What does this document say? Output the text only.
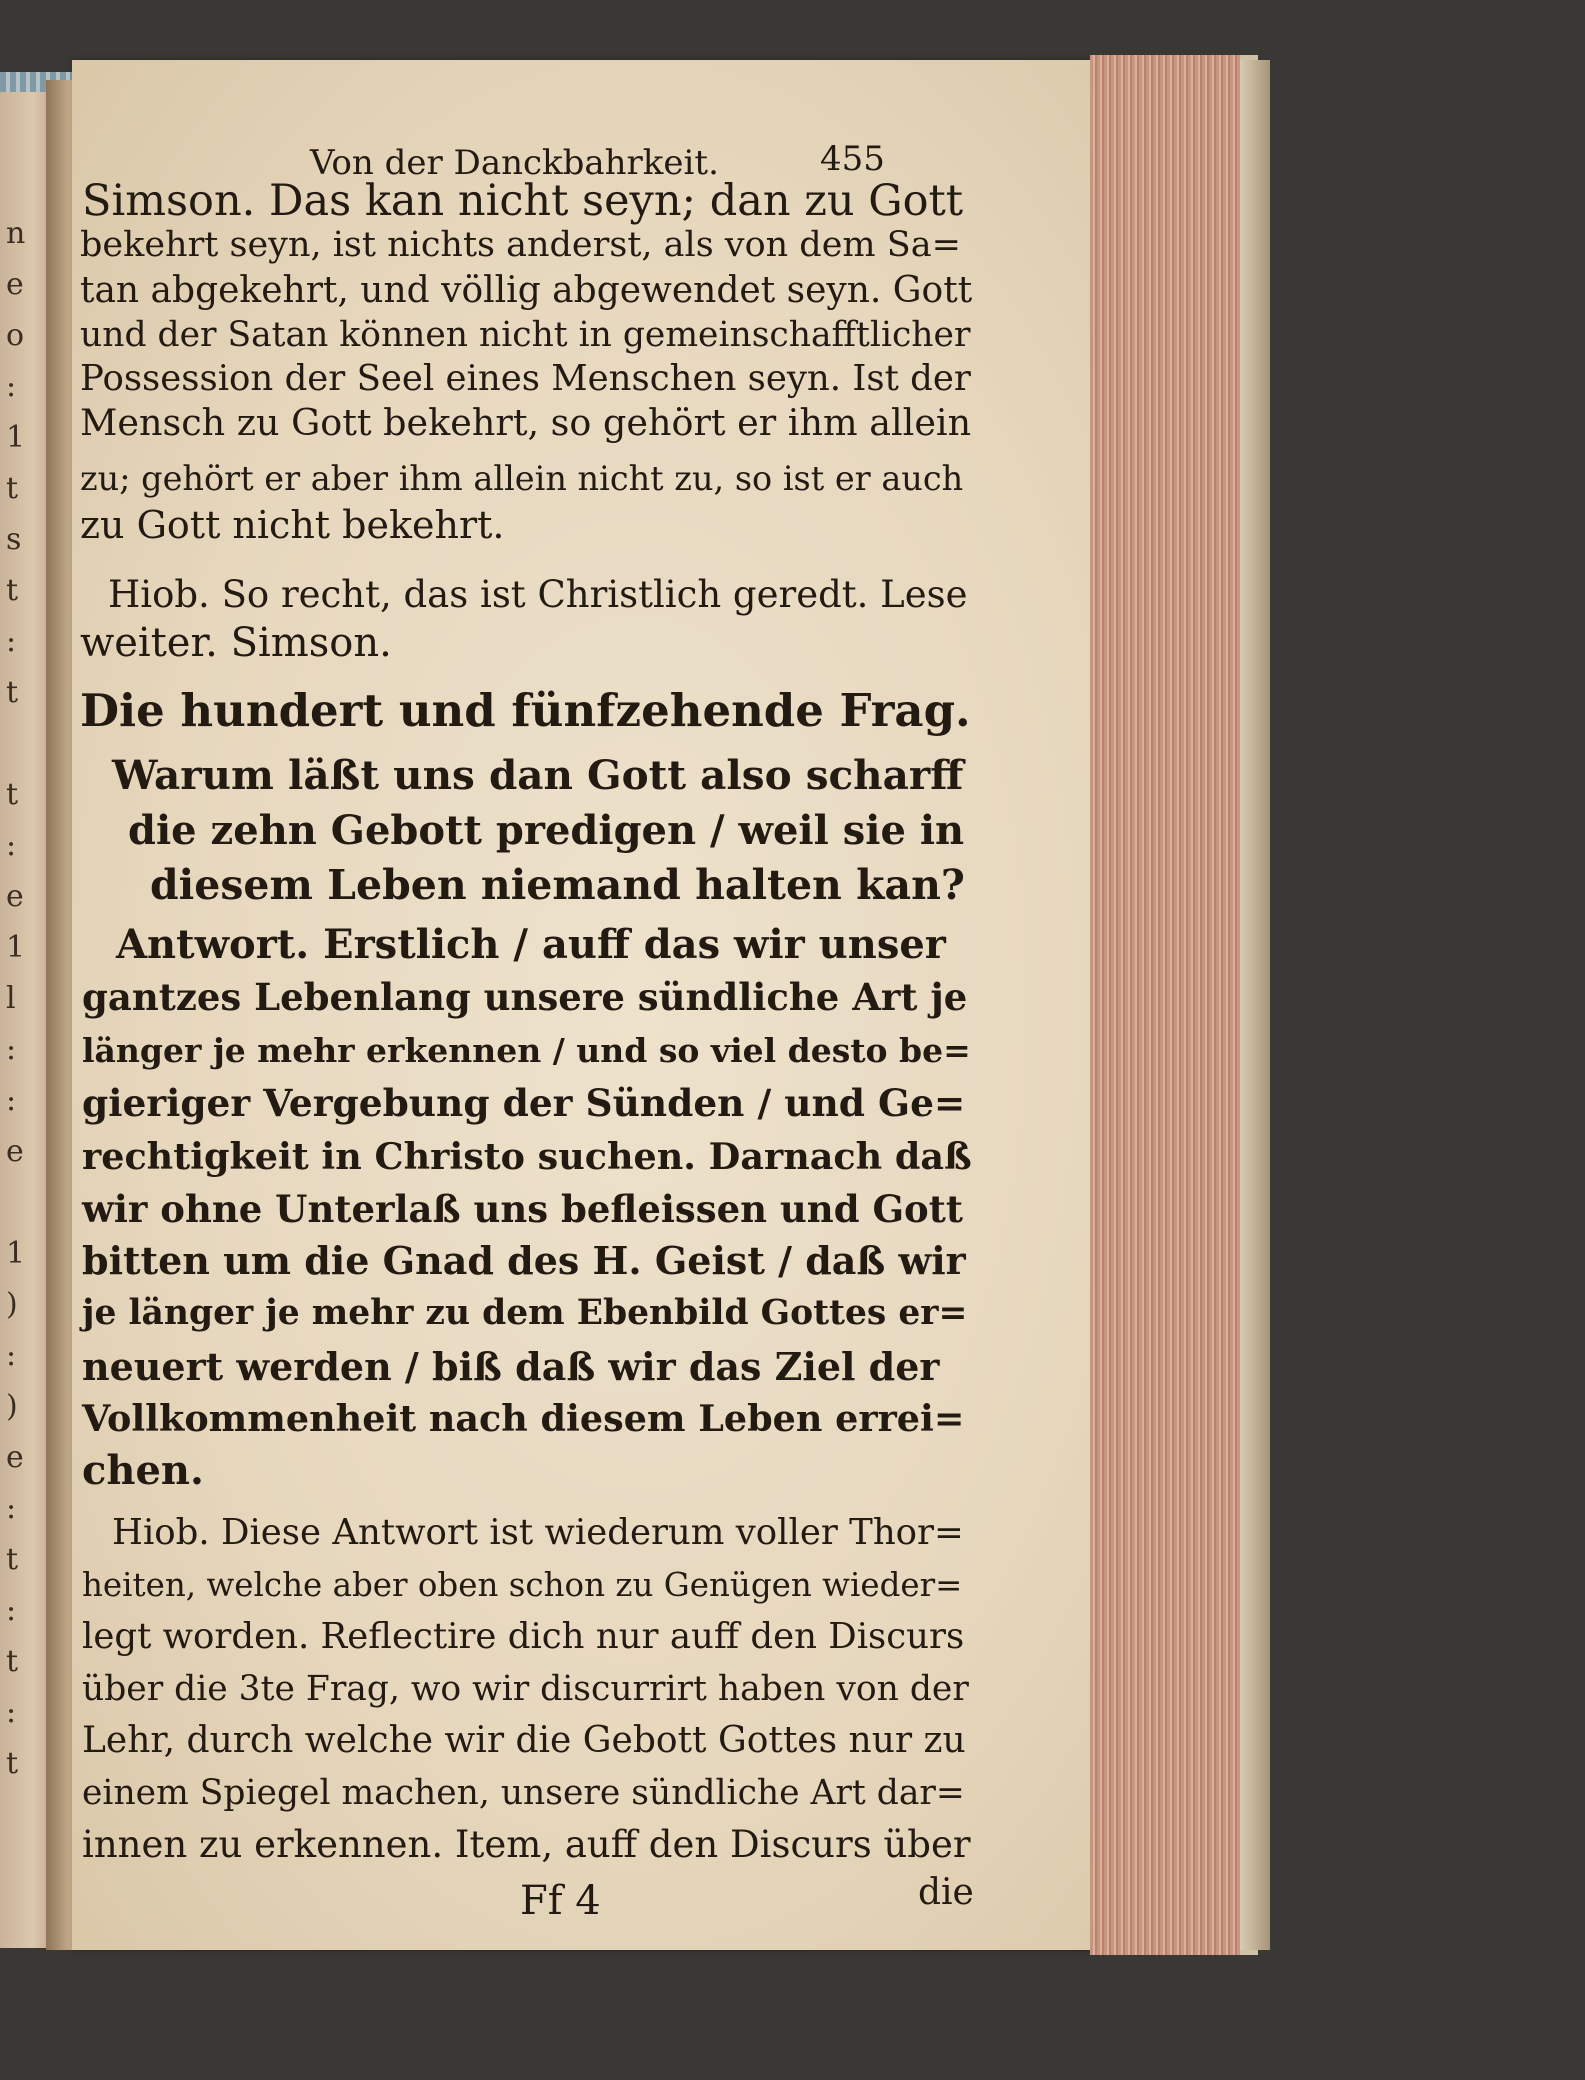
n
e
o
:
1
t
s
t
:
t

t
:
e
1
l
:
:
e

1
)
:
)
e
:
t
:
t
:
t
Von der Danckbahrkeit.	455
Simson. Das kan nicht seyn; dan zu Gott
bekehrt seyn, ist nichts anderst, als von dem Sa=
tan abgekehrt, und völlig abgewendet seyn. Gott
und der Satan können nicht in gemeinschafftlicher
Possession der Seel eines Menschen seyn. Ist der
Mensch zu Gott bekehrt, so gehört er ihm allein
zu; gehört er aber ihm allein nicht zu, so ist er auch
zu Gott nicht bekehrt.
Hiob. So recht, das ist Christlich geredt. Lese
weiter. Simson.
Die hundert und fünfzehende Frag.
Warum läßt uns dan Gott also scharff
die zehn Gebott predigen / weil sie in
diesem Leben niemand halten kan?
Antwort. Erstlich / auff das wir unser
gantzes Lebenlang unsere sündliche Art je
länger je mehr erkennen / und so viel desto be=
gieriger Vergebung der Sünden / und Ge=
rechtigkeit in Christo suchen. Darnach daß
wir ohne Unterlaß uns befleissen und Gott
bitten um die Gnad des H. Geist / daß wir
je länger je mehr zu dem Ebenbild Gottes er=
neuert werden / biß daß wir das Ziel der
Vollkommenheit nach diesem Leben errei=
chen.
Hiob. Diese Antwort ist wiederum voller Thor=
heiten, welche aber oben schon zu Genügen wieder=
legt worden. Reflectire dich nur auff den Discurs
über die 3te Frag, wo wir discurrirt haben von der
Lehr, durch welche wir die Gebott Gottes nur zu
einem Spiegel machen, unsere sündliche Art dar=
innen zu erkennen. Item, auff den Discurs über
Ff 4	die
